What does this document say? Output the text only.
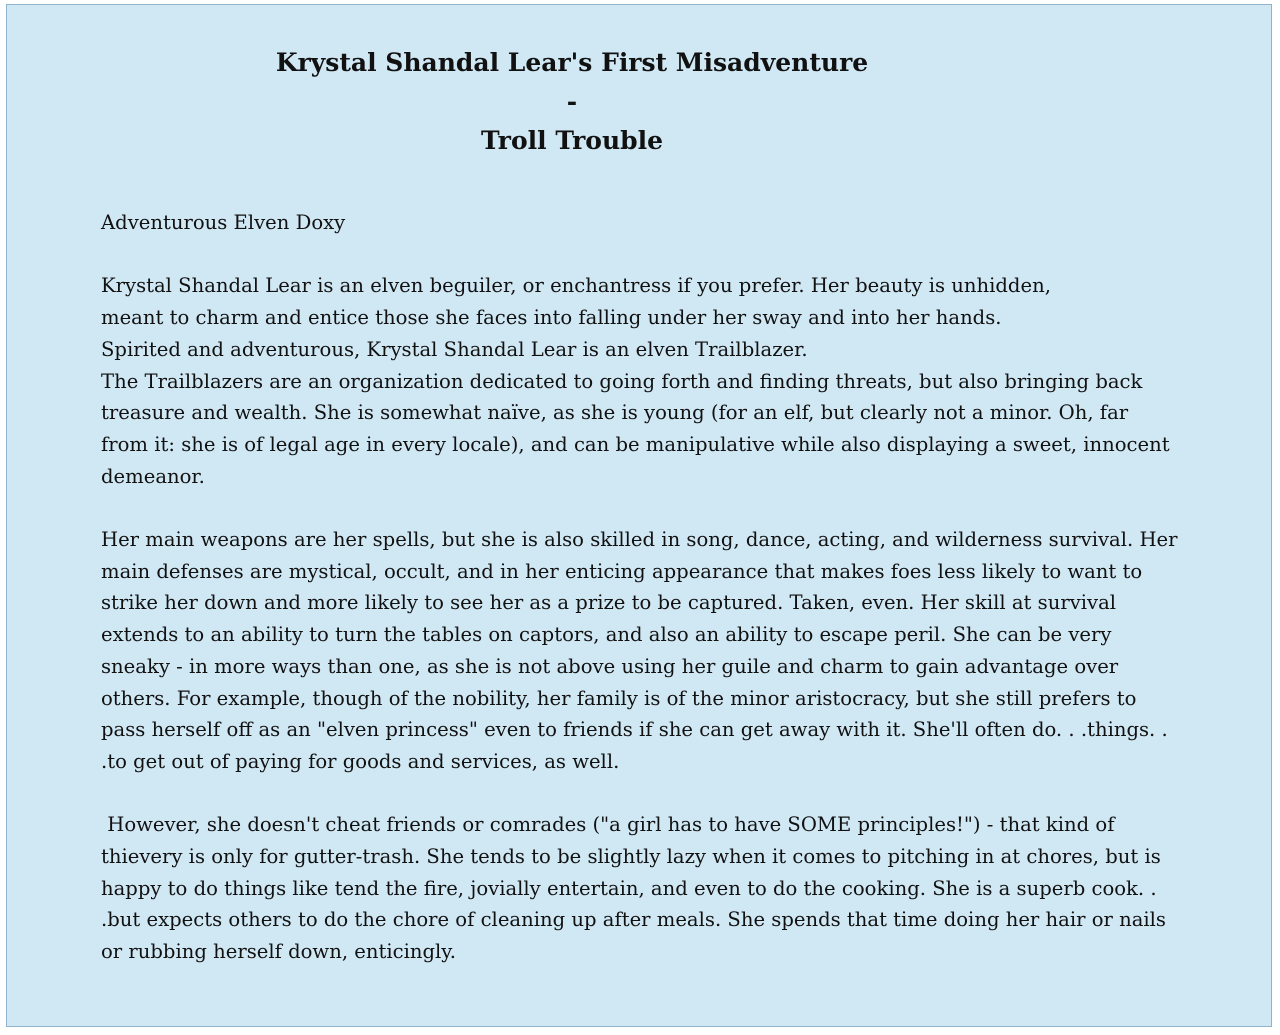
Krystal Shandal Lear's First Misadventure
-
Troll Trouble
Adventurous Elven Doxy

Krystal Shandal Lear is an elven beguiler, or enchantress if you prefer. Her beauty is unhidden,

meant to charm and entice those she faces into falling under her sway and into her hands.

Spirited and adventurous, Krystal Shandal Lear is an elven Trailblazer.

The Trailblazers are an organization dedicated to going forth and finding threats, but also bringing back treasure and wealth. She is somewhat naïve, as she is young (for an elf, but clearly not a minor. Oh, far from it: she is of legal age in every locale), and can be manipulative while also displaying a sweet, innocent demeanor.

Her main weapons are her spells, but she is also skilled in song, dance, acting, and wilderness survival. Her main defenses are mystical, occult, and in her enticing appearance that makes foes less likely to want to strike her down and more likely to see her as a prize to be captured. Taken, even. Her skill at survival extends to an ability to turn the tables on captors, and also an ability to escape peril. She can be very sneaky - in more ways than one, as she is not above using her guile and charm to gain advantage over others. For example, though of the nobility, her family is of the minor aristocracy, but she still prefers to pass herself off as an "elven princess" even to friends if she can get away with it. She'll often do. . .things. . .to get out of paying for goods and services, as well.

However, she doesn't cheat friends or comrades ("a girl has to have SOME principles!") - that kind of thievery is only for gutter-trash. She tends to be slightly lazy when it comes to pitching in at chores, but is happy to do things like tend the fire, jovially entertain, and even to do the cooking. She is a superb cook. . .but expects others to do the chore of cleaning up after meals. She spends that time doing her hair or nails or rubbing herself down, enticingly.
